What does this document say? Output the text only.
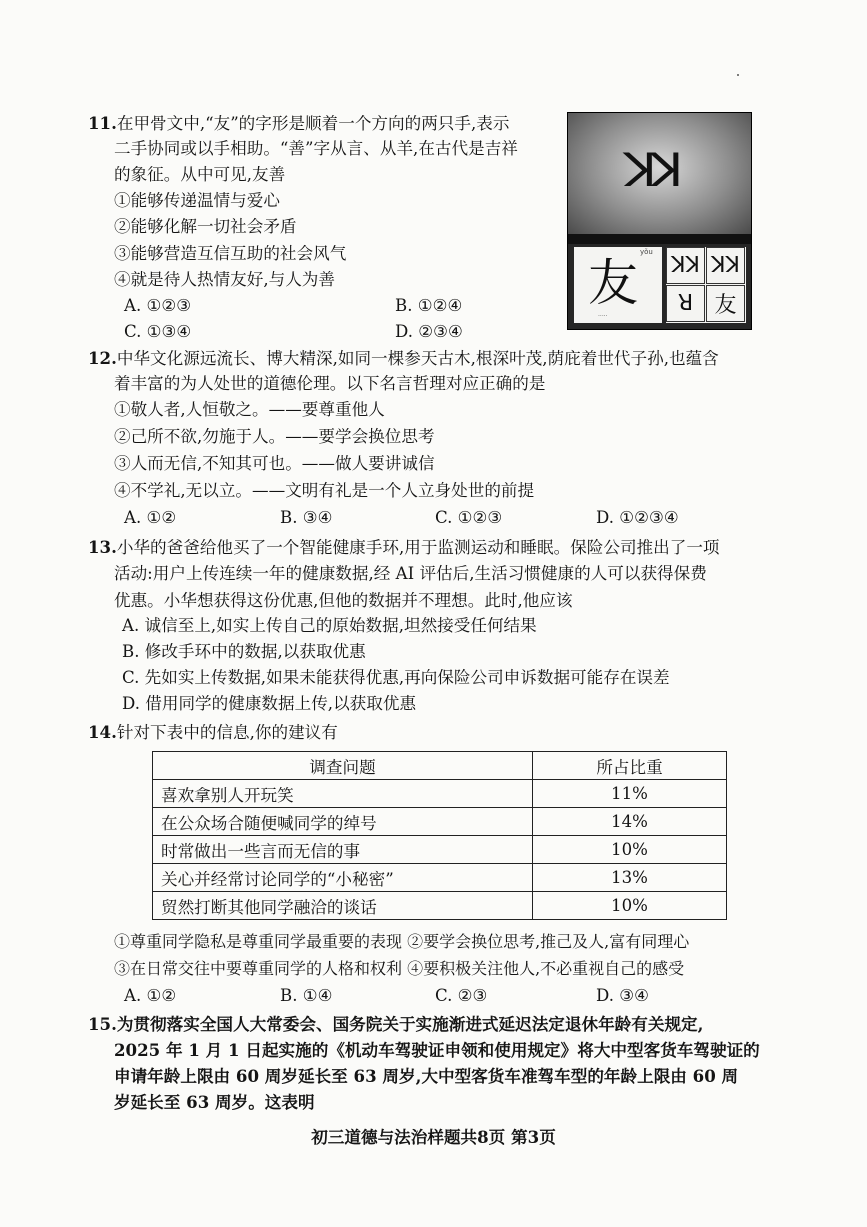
11.在甲骨文中,“友”的字形是顺着一个方向的两只手,表示
二手协同或以手相助。“善”字从言、从羊,在古代是吉祥
的象征。从中可见,友善
①能够传递温情与爱心
②能够化解一切社会矛盾
③能够营造互信互助的社会风气
④就是待人热情友好,与人为善
A. ①②③	B. ①②④
C. ①③④	D. ②③④
ꓘꓘ
友
yǒu
·····
ꓘꓘ ꓘꓘ
ꓤ 友
12.中华文化源远流长、博大精深,如同一棵参天古木,根深叶茂,荫庇着世代子孙,也蕴含
着丰富的为人处世的道德伦理。以下名言哲理对应正确的是
①敬人者,人恒敬之。——要尊重他人
②己所不欲,勿施于人。——要学会换位思考
③人而无信,不知其可也。——做人要讲诚信
④不学礼,无以立。——文明有礼是一个人立身处世的前提
A. ①②	B. ③④	C. ①②③	D. ①②③④
13.小华的爸爸给他买了一个智能健康手环,用于监测运动和睡眠。保险公司推出了一项
活动:用户上传连续一年的健康数据,经 AI 评估后,生活习惯健康的人可以获得保费
优惠。小华想获得这份优惠,但他的数据并不理想。此时,他应该
A. 诚信至上,如实上传自己的原始数据,坦然接受任何结果
B. 修改手环中的数据,以获取优惠
C. 先如实上传数据,如果未能获得优惠,再向保险公司申诉数据可能存在误差
D. 借用同学的健康数据上传,以获取优惠
14.针对下表中的信息,你的建议有
调查问题	所占比重
喜欢拿别人开玩笑	11%
在公众场合随便喊同学的绰号	14%
时常做出一些言而无信的事	10%
关心并经常讨论同学的“小秘密”	13%
贸然打断其他同学融洽的谈话	10%
①尊重同学隐私是尊重同学最重要的表现 ②要学会换位思考,推己及人,富有同理心
③在日常交往中要尊重同学的人格和权利 ④要积极关注他人,不必重视自己的感受
A. ①②	B. ①④	C. ②③	D. ③④
15.为贯彻落实全国人大常委会、国务院关于实施渐进式延迟法定退休年龄有关规定,
2025 年 1 月 1 日起实施的《机动车驾驶证申领和使用规定》将大中型客货车驾驶证的
申请年龄上限由 60 周岁延长至 63 周岁,大中型客货车准驾车型的年龄上限由 60 周
岁延长至 63 周岁。这表明
初三道德与法治样题共8页 第3页
